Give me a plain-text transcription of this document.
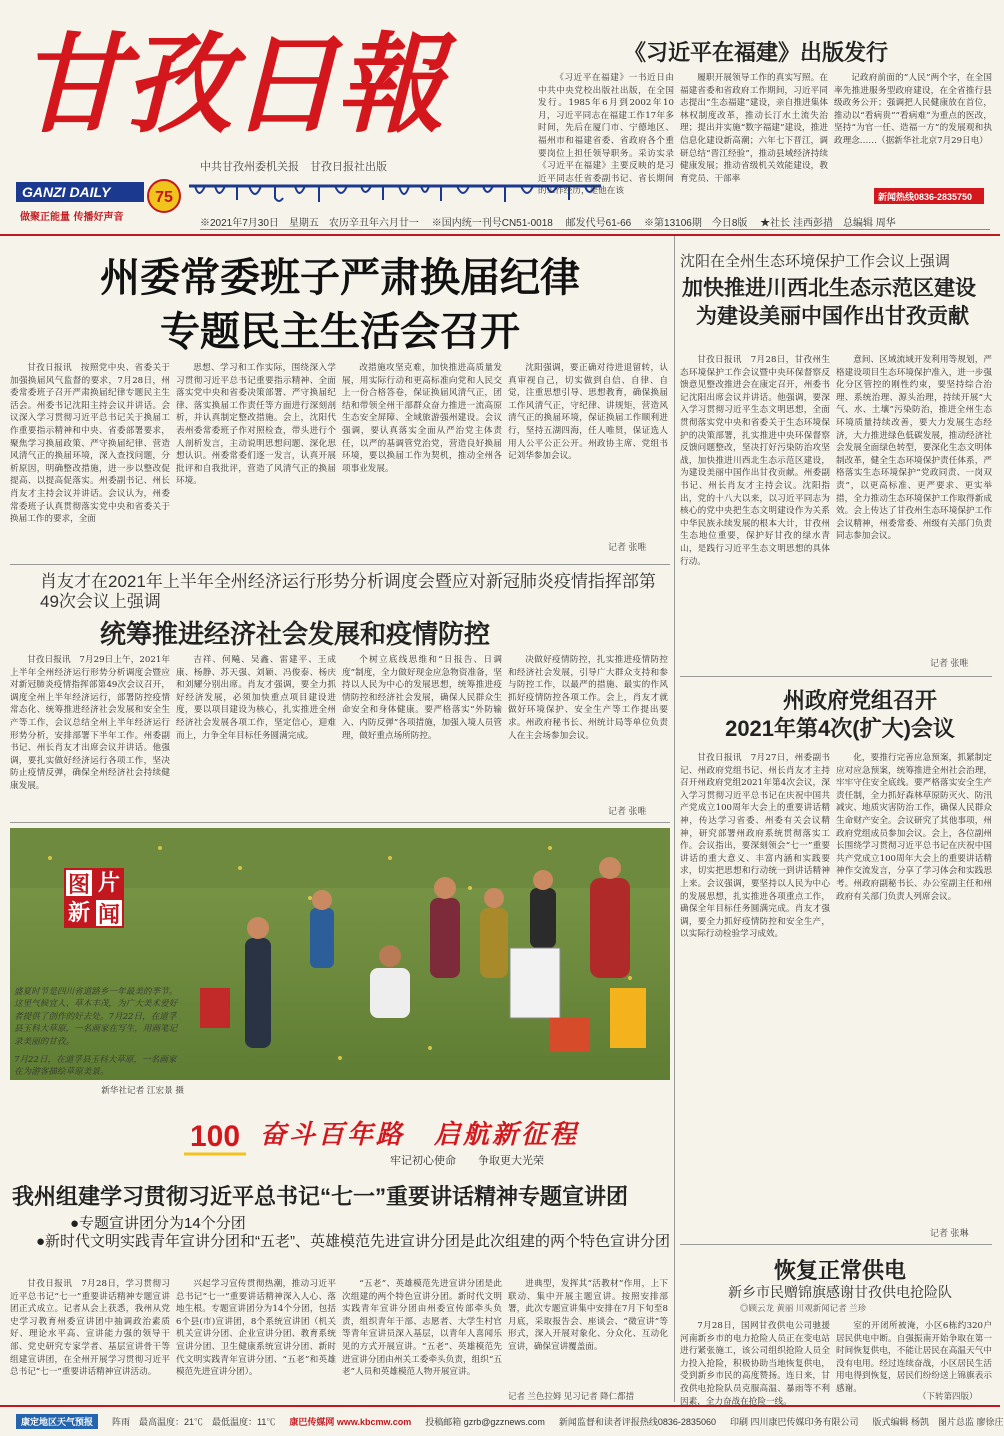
甘孜日報
中共甘孜州委机关报　甘孜日报社出版
GANZI DAILY	75
做聚正能量 传播好声音
新闻热线0836-2835750
※2021年7月30日　星期五　农历辛丑年六月廿一 ※国内统一刊号CN51-0018 邮发代号61-66 ※第13106期　今日8版 ★社长 洼西彭措　总编辑 周华
《习近平在福建》出版发行
《习近平在福建》一书近日由中共中央党校出版社出版，在全国发行。1985年6月到2002年10月，习近平同志在福建工作17年多时间，先后在厦门市、宁德地区、福州市和福建省委、省政府各个重要岗位上担任领导职务。采访实录《习近平在福建》主要反映的是习近平同志任省委副书记、省长期间的工作经历，是他在该
履职开展领导工作的真实写照。在福建省委和省政府工作期间，习近平同志提出“生态福建”建设，亲自推进集体林权制度改革，推动长汀水土流失治理；提出并实施“数字福建”建设，推进信息化建设新高潮；六年七下晋江，调研总结“晋江经验”，推动县域经济持续健康发展；推动省级机关效能建设，教育党员、干部率
记政府前面的“人民”两个字，在全国率先推进服务型政府建设，在全省推行县级政务公开；强调把人民健康放在首位，推动以“看病贵”“看病难”为重点的医改，坚持“为官一任、造福一方”的发展观和执政理念……（据新华社北京7月29日电）
州委常委班子严肃换届纪律
专题民主生活会召开
甘孜日报讯　按照党中央、省委关于加强换届风气监督的要求，7月28日，州委常委班子召开严肃换届纪律专题民主生活会。州委书记沈阳主持会议并讲话。会议深入学习贯彻习近平总书记关于换届工作重要指示精神和中央、省委部署要求，聚焦学习换届政策、严守换届纪律、营造风清气正的换届环境，深入查找问题，分析原因，明确整改措施，进一步以整改促提高、以提高促落实。州委副书记、州长肖友才主持会议并讲话。会议认为，州委常委班子认真贯彻落实党中央和省委关于换届工作的要求，全面
思想、学习和工作实际，围绕深入学习贯彻习近平总书记重要指示精神、全面落实党中央和省委决策部署、严守换届纪律、落实换届工作责任等方面进行深刻剖析，并认真制定整改措施。会上，沈阳代表州委常委班子作对照检查，带头进行个人剖析发言，主动说明思想问题、深化思想认识。州委常委们逐一发言，认真开展批评和自我批评，营造了风清气正的换届环境。
改措施攻坚克难，加快推进高质量发展，用实际行动和更高标准向党和人民交上一份合格答卷，保证换届风清气正，团结和带领全州干部群众奋力推进一流高原生态安全屏障、全域旅游强州建设。会议强调，要认真落实全面从严治党主体责任，以严的基调管党治党，营造良好换届环境，要以换届工作为契机，推动全州各项事业发展。
沈阳强调，要正确对待进退留转，认真审视自己，切实做到自信、自律、自觉，注重思想引导、思想教育，确保换届工作风清气正，守纪律、讲规矩，营造风清气正的换届环境，保证换届工作顺利进行，坚持五湖四海，任人唯贤，保证选人用人公平公正公开。州政协主席、党组书记刘华参加会议。
记者 张唯
肖友才在2021年上半年全州经济运行形势分析调度会暨应对新冠肺炎疫情指挥部第49次会议上强调
统筹推进经济社会发展和疫情防控
甘孜日报讯　7月29日上午，2021年上半年全州经济运行形势分析调度会暨应对新冠肺炎疫情指挥部第49次会议召开，调度全州上半年经济运行，部署防控疫情常态化、统筹推进经济社会发展和安全生产等工作，会议总结全州上半年经济运行形势分析，安排部署下半年工作。州委副书记、州长肖友才出席会议并讲话。他强调，要扎实做好经济运行各项工作，坚决防止疫情反弹，确保全州经济社会持续健康发展。
吉祥、何飚、吴鑫、雷建平、王成康、杨静、苏天强、刘颖、冯俊泰、杨庆和刘耀分别出席。肖友才强调，要全力抓好经济发展，必须加快重点项目建设进度，要以项目建设为核心，扎实推进全州经济社会发展各项工作，坚定信心，迎难而上，力争全年目标任务圆满完成。
个树立底线思维和“日报告、日调度”制度，全力做好现金应急物资准备，坚持以人民为中心的发展思想，统筹推进疫情防控和经济社会发展，确保人民群众生命安全和身体健康。要严格落实“外防输入、内防反弹”各项措施，加强入境人员管理，做好重点场所防控。
决做好疫情防控，扎实推进疫情防控和经济社会发展，引导广大群众支持和参与防控工作，以最严的措施、最实的作风抓好疫情防控各项工作。会上，肖友才就做好环境保护、安全生产等工作提出要求。州政府秘书长、州统计局等单位负责人在主会场参加会议。
记者 张唯
图 片
新 闻
盛夏时节是四川省道路乡一年最美的季节。这里气候宜人、草木丰茂，为广大美术爱好者提供了创作的好去处。7月22日，在道孚县玉科大草原，一名画家在写生，用画笔记录美丽的甘孜。
7月22日，在道孚县玉科大草原，一名画家在为游客描绘草原美景。
新华社记者 江宏景 摄
100 奋斗百年路　启航新征程
牢记初心使命　　争取更大光荣
我州组建学习贯彻习近平总书记“七一”重要讲话精神专题宣讲团
●专题宣讲团分为14个分团
●新时代文明实践青年宣讲分团和“五老”、英雄模范先进宣讲分团是此次组建的两个特色宣讲分团
甘孜日报讯　7月28日，学习贯彻习近平总书记“七一”重要讲话精神专题宣讲团正式成立。记者从会上获悉，我州从党史学习教育州委宣讲团中抽调政治素质好、理论水平高、宣讲能力强的领导干部、党史研究专家学者、基层宣讲骨干等组建宣讲团，在全州开展学习贯彻习近平总书记“七一”重要讲话精神宣讲活动。
兴起学习宣传贯彻热潮，推动习近平总书记“七一”重要讲话精神深入人心、落地生根。专题宣讲团分为14个分团，包括6个县(市)宣讲团，8个系统宣讲团（机关机关宣讲分团、企业宣讲分团、教育系统宣讲分团、卫生健康系统宣讲分团、新时代文明实践青年宣讲分团、“五老”和英雄模范先进宣讲分团）。
“五老”、英雄模范先进宣讲分团是此次组建的两个特色宣讲分团。新时代文明实践青年宣讲分团由州委宣传部牵头负责，组织青年干部、志愿者、大学生村官等青年宣讲员深入基层，以青年人喜闻乐见的方式开展宣讲。“五老”、英雄模范先进宣讲分团由州关工委牵头负责，组织“五老”人员和英雄模范人物开展宣讲。
进典型，发挥其“活教材”作用，上下联动、集中开展主题宣讲。按照安排部署，此次专题宣讲集中安排在7月下旬至8月底，采取报告会、座谈会、“微宣讲”等形式，深入开展对象化、分众化、互动化宣讲，确保宣讲覆盖面。
记者 兰色拉姆 见习记者 降仁都措
沈阳在全州生态环境保护工作会议上强调
加快推进川西北生态示范区建设
为建设美丽中国作出甘孜贡献
甘孜日报讯　7月28日，甘孜州生态环境保护工作会议暨中央环保督察反馈意见整改推进会在康定召开，州委书记沈阳出席会议并讲话。他强调，要深入学习贯彻习近平生态文明思想，全面贯彻落实党中央和省委关于生态环境保护的决策部署，扎实推进中央环保督察反馈问题整改，坚决打好污染防治攻坚战，加快推进川西北生态示范区建设，为建设美丽中国作出甘孜贡献。州委副书记、州长肖友才主持会议。沈阳指出，党的十八大以来，以习近平同志为核心的党中央把生态文明建设作为关系中华民族永续发展的根本大计，甘孜州生态地位重要，保护好甘孜的绿水青山，是践行习近平生态文明思想的具体行动。
意间、区域流域开发利用等规划，严格建设项目生态环境保护准入，进一步强化分区管控的刚性约束，要坚持综合治理、系统治理、源头治理，持续开展“大气、水、土壤”污染防治，推进全州生态环境质量持续改善，要大力发展生态经济，大力推进绿色低碳发展，推动经济社会发展全面绿色转型，要深化生态文明体制改革，健全生态环境保护责任体系，严格落实生态环境保护“党政同责、一岗双责”，以更高标准、更严要求、更实举措，全力推动生态环境保护工作取得新成效。会上传达了甘孜州生态环境保护工作会议精神，州委常委、州级有关部门负责同志参加会议。
记者 张唯
州政府党组召开
2021年第4次(扩大)会议
甘孜日报讯　7月27日，州委副书记、州政府党组书记、州长肖友才主持召开州政府党组2021年第4次会议，深入学习贯彻习近平总书记在庆祝中国共产党成立100周年大会上的重要讲话精神，传达学习省委、州委有关会议精神，研究部署州政府系统贯彻落实工作。会议指出，要深刻领会“七一”重要讲话的重大意义、丰富内涵和实践要求，切实把思想和行动统一到讲话精神上来。会议强调，要坚持以人民为中心的发展思想，扎实推进各项重点工作，确保全年目标任务圆满完成。肖友才强调，要全力抓好疫情防控和安全生产，以实际行动检验学习成效。
化，要推行完善应急预案，抓紧制定应对应急预案，统筹推进全州社会治理，牢牢守住安全底线。要严格落实安全生产责任制，全力抓好森林草原防灭火、防汛减灾、地质灾害防治工作，确保人民群众生命财产安全。会议研究了其他事项，州政府党组成员参加会议。会上，各位副州长围绕学习贯彻习近平总书记在庆祝中国共产党成立100周年大会上的重要讲话精神作交流发言，分享了学习体会和实践思考。州政府副秘书长、办公室副主任和州政府有关部门负责人列席会议。
记者 张琳
恢复正常供电
新乡市民赠锦旗感谢甘孜供电抢险队
◎顾云龙 黄丽 川观新闻记者 兰珍
7月28日，国网甘孜供电公司驰援河南新乡市的电力抢险人员正在变电站进行紧张施工，该公司组织抢险人员全力投入抢险，积极协助当地恢复供电，受到新乡市民的高度赞扬。连日来，甘孜供电抢险队员克服高温、暴雨等不利因素，全力奋战在抢险一线。
室的开闭所被淹，小区6栋约320户居民供电中断。自强振南开始争取在第一时间恢复供电，不能让居民在高温天气中没有电用。经过连续奋战，小区居民生活用电得到恢复，居民们纷纷送上锦旗表示感谢。
（下转第四版）
康定地区天气预报	阵雨　最高温度：21℃　最低温度：11℃ 康巴传媒网 www.kbcmw.com 投稿邮箱 gzrb@gzznews.com 新闻监督和读者评报热线0836-2835060 印刷 四川康巴传媒印务有限公司 版式编辑 杨凯　图片总监 廖徐庄
